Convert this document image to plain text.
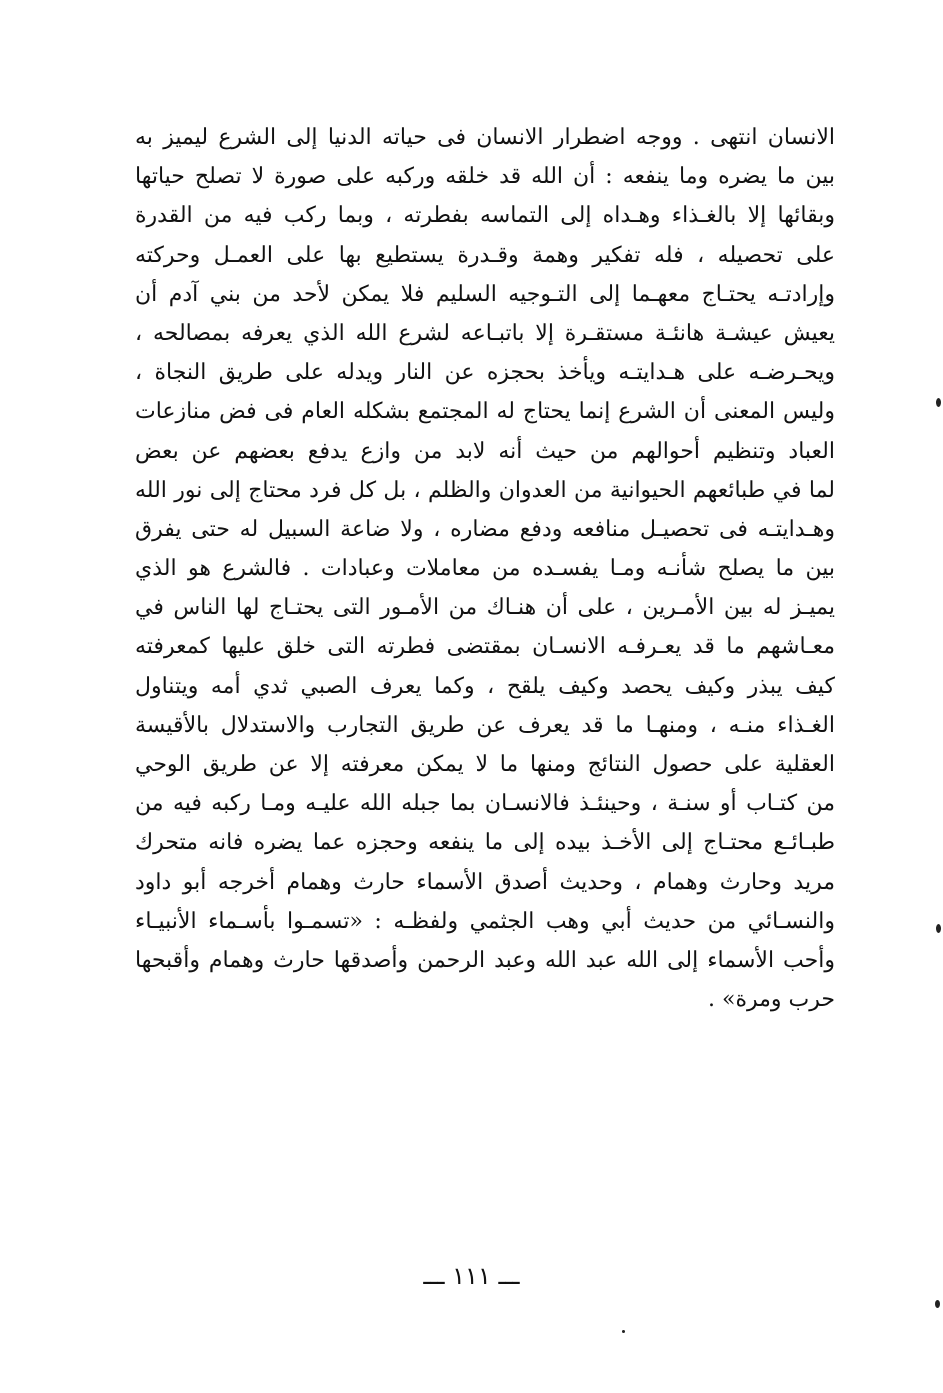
الانسان انتهى . ووجه اضطرار الانسان فى حياته الدنيا إلى الشرع ليميز به
بين ما يضره وما ينفعه : أن الله قد خلقه وركبه على صورة لا تصلح حياتها
وبقائها إلا بالغـذاء وهـداه إلى التماسه بفطرته ، وبما ركب فيه من القدرة
على تحصيله ، فله تفكير وهمة وقـدرة يستطيع بها على العمـل وحركته
وإرادتـه يحتـاج معهـما إلى التـوجيه السليم فلا يمكن لأحد من بني آدم أن
يعيش عيشـة هانئـة مستقـرة إلا باتبـاعه لشرع الله الذي يعرفه بمصالحه ،
ويحـرضـه على هـدايتـه ويأخذ بحجزه عن النار ويدله على طريق النجاة ،
وليس المعنى أن الشرع إنما يحتاج له المجتمع بشكله العام فى فض منازعات
العباد وتنظيم أحوالهم من حيث أنه لابد من وازع يدفع بعضهم عن بعض
لما في طبائعهم الحيوانية من العدوان والظلم ، بل كل فرد محتاج إلى نور الله
وهـدايتـه فى تحصيـل منافعه ودفع مضاره ، ولا ضاعة السبيل له حتى يفرق
بين ما يصلح شأنـه ومـا يفسـده من معاملات وعبادات . فالشرع هو الذي
يميـز له بين الأمـرين ، على أن هنـاك من الأمـور التى يحتـاج لها الناس في
معـاشهم ما قد يعـرفـه الانسـان بمقتضى فطرته التى خلق عليها كمعرفته
كيف يبذر وكيف يحصد وكيف يلقح ، وكما يعرف الصبي ثدي أمه ويتناول
الغـذاء منـه ، ومنهـا ما قد يعرف عن طريق التجارب والاستدلال بالأقيسة
العقلية على حصول النتائج ومنها ما لا يمكن معرفته إلا عن طريق الوحي
من كتـاب أو سنـة ، وحينئـذ فالانسـان بما جبله الله عليـه ومـا ركبه فيه من
طبـائـع محتـاج إلى الأخـذ بيده إلى ما ينفعه وحجزه عما يضره فانه متحرك
مريد وحارث وهمام ، وحديث أصدق الأسماء حارث وهمام أخرجه أبو داود
والنسـائي من حديث أبي وهب الجثمي ولفظـه : «تسمـوا بأسـماء الأنبيـاء
وأحب الأسماء إلى الله عبد الله وعبد الرحمن وأصدقها حارث وهمام وأقبحها
حرب ومرة» .
ـــ ١١١ ـــ
